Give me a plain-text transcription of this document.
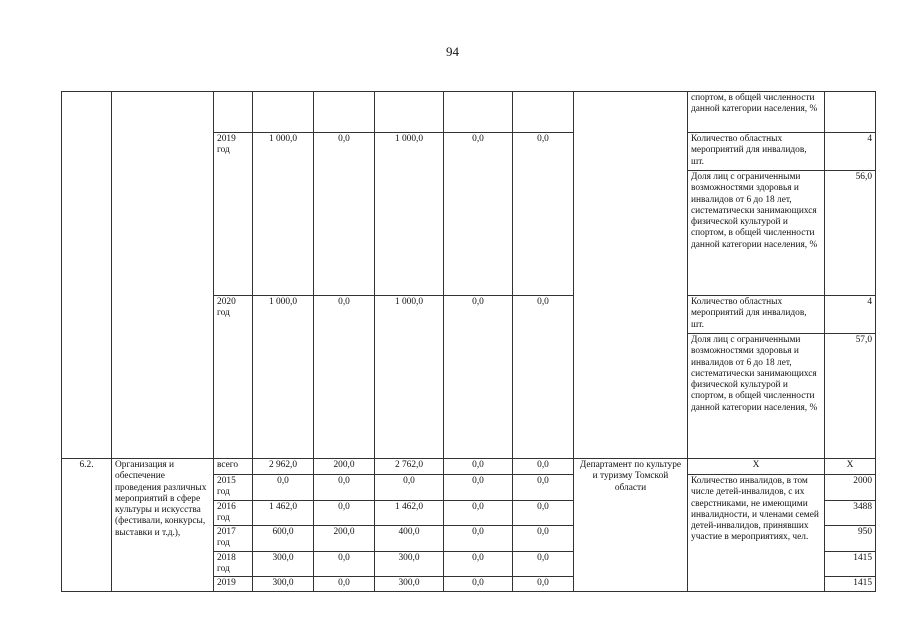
94
									спортом, в общей численности данной категории населения, %	
		2019 год	1 000,0	0,0	1 000,0	0,0	0,0		Количество областных мероприятий для инвалидов, шт.	4
									Доля лиц с ограниченными возможностями здоровья и инвалидов от 6 до 18 лет, систематически занимающихся физической культурой и спортом, в общей численности данной категории населения, %	56,0
		2020 год	1 000,0	0,0	1 000,0	0,0	0,0		Количество областных мероприятий для инвалидов, шт.	4
									Доля лиц с ограниченными возможностями здоровья и инвалидов от 6 до 18 лет, систематически занимающихся физической культурой и спортом, в общей численности данной категории населения, %	57,0
6.2.	Организация и обеспечение проведения различных мероприятий в сфере культуры и искусства (фестивали, конкурсы, выставки и т.д.),	всего	2 962,0	200,0	2 762,0	0,0	0,0	Департамент по культуре и туризму Томской области	Х	Х
		2015 год	0,0	0,0	0,0	0,0	0,0		Количество инвалидов, в том числе детей-инвалидов, с их сверстниками, не имеющими инвалидности, и членами семей детей-инвалидов, принявших участие в мероприятиях, чел.	2000
		2016 год	1 462,0	0,0	1 462,0	0,0	0,0			3488
		2017 год	600,0	200,0	400,0	0,0	0,0			950
		2018 год	300,0	0,0	300,0	0,0	0,0			1415
		2019	300,0	0,0	300,0	0,0	0,0			1415
